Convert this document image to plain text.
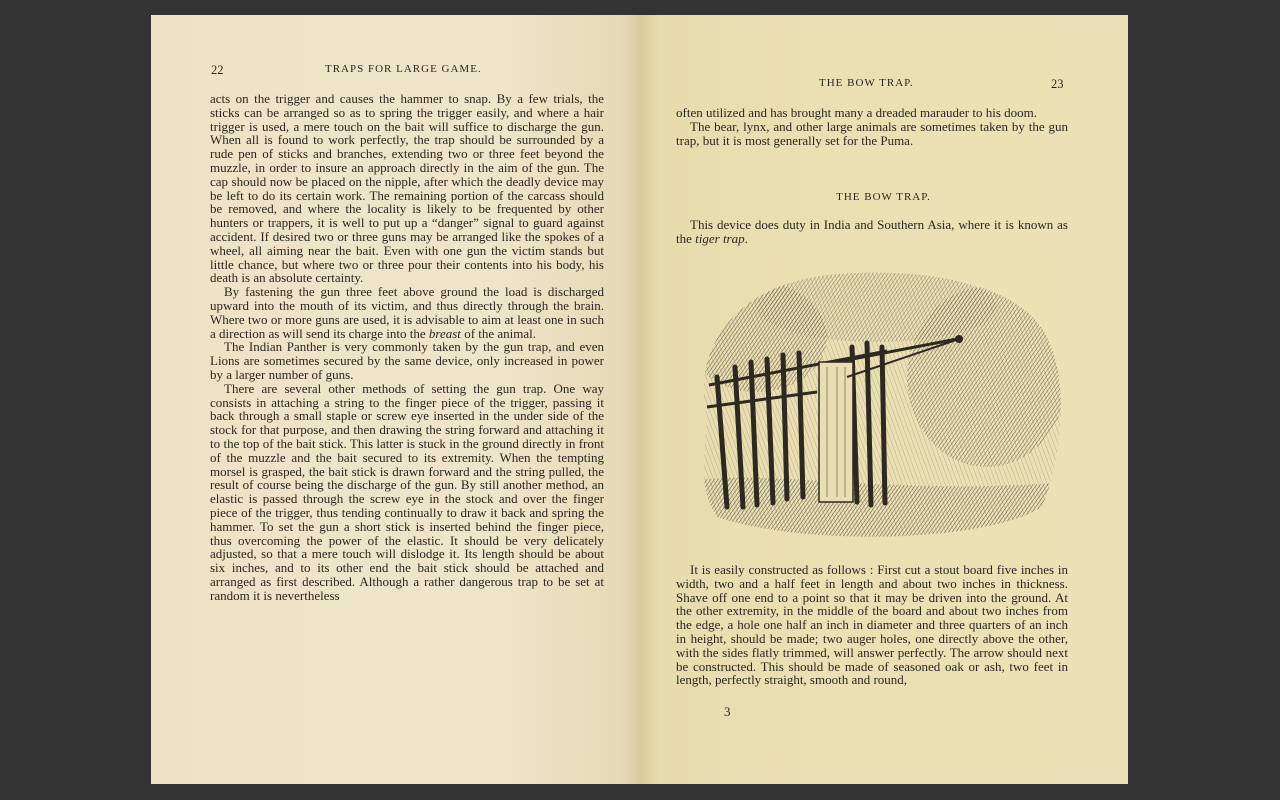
22	TRAPS FOR LARGE GAME.

acts on the trigger and causes the hammer to snap. By a few trials, the sticks can be arranged so as to spring the trigger easily, and where a hair trigger is used, a mere touch on the bait will suffice to discharge the gun. When all is found to work perfectly, the trap should be surrounded by a rude pen of sticks and branches, extending two or three feet beyond the muzzle, in order to insure an approach directly in the aim of the gun. The cap should now be placed on the nipple, after which the deadly device may be left to do its certain work. The remaining portion of the carcass should be removed, and where the locality is likely to be frequented by other hunters or trappers, it is well to put up a “danger” signal to guard against accident. If desired two or three guns may be arranged like the spokes of a wheel, all aiming near the bait. Even with one gun the victim stands but little chance, but where two or three pour their contents into his body, his death is an absolute certainty.

By fastening the gun three feet above ground the load is discharged upward into the mouth of its victim, and thus directly through the brain. Where two or more guns are used, it is advisable to aim at least one in such a direction as will send its charge into the breast of the animal.

The Indian Panther is very commonly taken by the gun trap, and even Lions are sometimes secured by the same device, only increased in power by a larger number of guns.

There are several other methods of setting the gun trap. One way consists in attaching a string to the finger piece of the trigger, passing it back through a small staple or screw eye inserted in the under side of the stock for that purpose, and then drawing the string forward and attaching it to the top of the bait stick. This latter is stuck in the ground directly in front of the muzzle and the bait secured to its extremity. When the tempting morsel is grasped, the bait stick is drawn forward and the string pulled, the result of course being the discharge of the gun. By still another method, an elastic is passed through the screw eye in the stock and over the finger piece of the trigger, thus tending continually to draw it back and spring the hammer. To set the gun a short stick is inserted behind the finger piece, thus overcoming the power of the elastic. It should be very delicately adjusted, so that a mere touch will dislodge it. Its length should be about six inches, and to its other end the bait stick should be attached and arranged as first described. Although a rather dangerous trap to be set at random it is nevertheless

THE BOW TRAP.	23

often utilized and has brought many a dreaded marauder to his doom.

The bear, lynx, and other large animals are sometimes taken by the gun trap, but it is most generally set for the Puma.

THE BOW TRAP.

This device does duty in India and Southern Asia, where it is known as the tiger trap.

It is easily constructed as follows : First cut a stout board five inches in width, two and a half feet in length and about two inches in thickness. Shave off one end to a point so that it may be driven into the ground. At the other extremity, in the middle of the board and about two inches from the edge, a hole one half an inch in diameter and three quarters of an inch in height, should be made; two auger holes, one directly above the other, with the sides flatly trimmed, will answer perfectly. The arrow should next be constructed. This should be made of seasoned oak or ash, two feet in length, perfectly straight, smooth and round,

3
